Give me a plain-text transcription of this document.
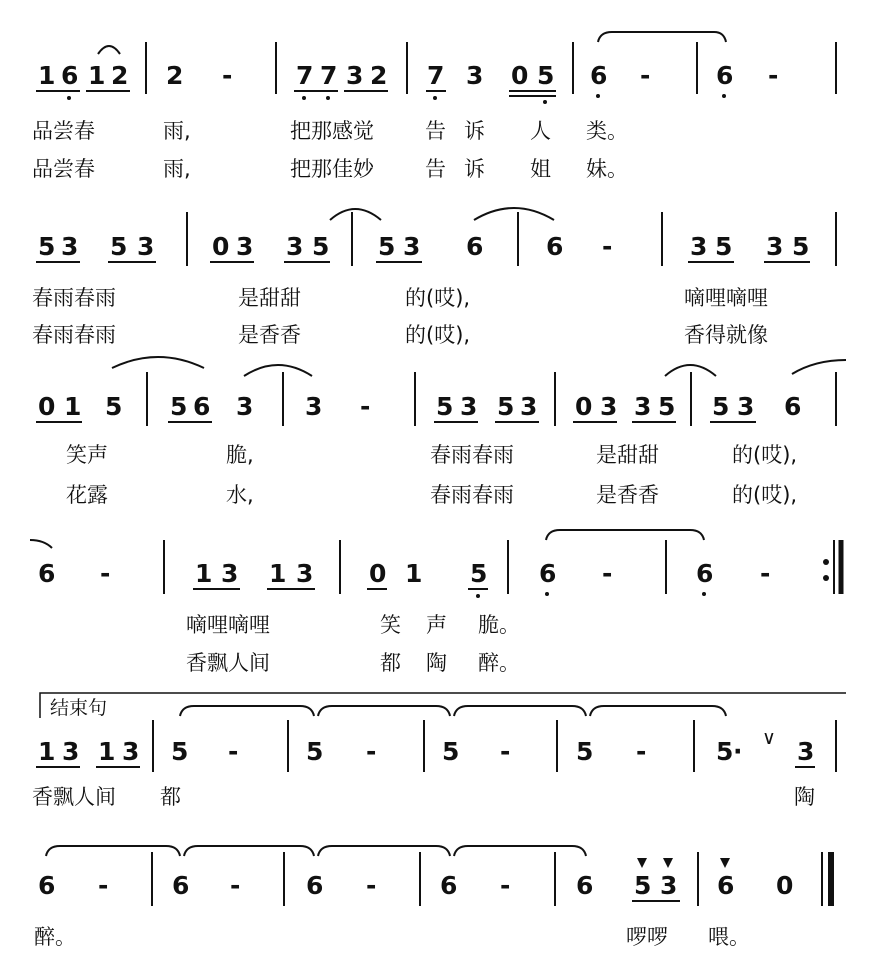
1 6 1 2 2 -	7 7 3 2 7 3 0 5 6 -	6 -
品尝春	雨,	把那感觉 告 诉 人 类。
品尝春	雨,	把那佳妙 告 诉 姐 妹。
5 3 5 3 0 3 3 5 5 3 6	6 -	3 5 3 5
春雨春雨	是甜甜	的(哎),	嘀哩嘀哩
春雨春雨	是香香	的(哎),	香得就像
0 1 5 5 6 3 3 -	5 3 5 3 0 3 3 5 5 3 6
笑声	脆,	春雨春雨	是甜甜	的(哎),
花露	水,	春雨春雨	是香香	的(哎),
6 -	1 3 1 3 0 1 5 6 -	6 -
嘀哩嘀哩	笑 声 脆。
香飘人间	都 陶 醉。
结束句
1 3 1 3 5 -	5 -	5 -	5 -	5 · ∨ 3
香飘人间 都	陶
6 -	6 -	6 -	6 -	6 5 3 6 0
醉。	啰啰 喂。
